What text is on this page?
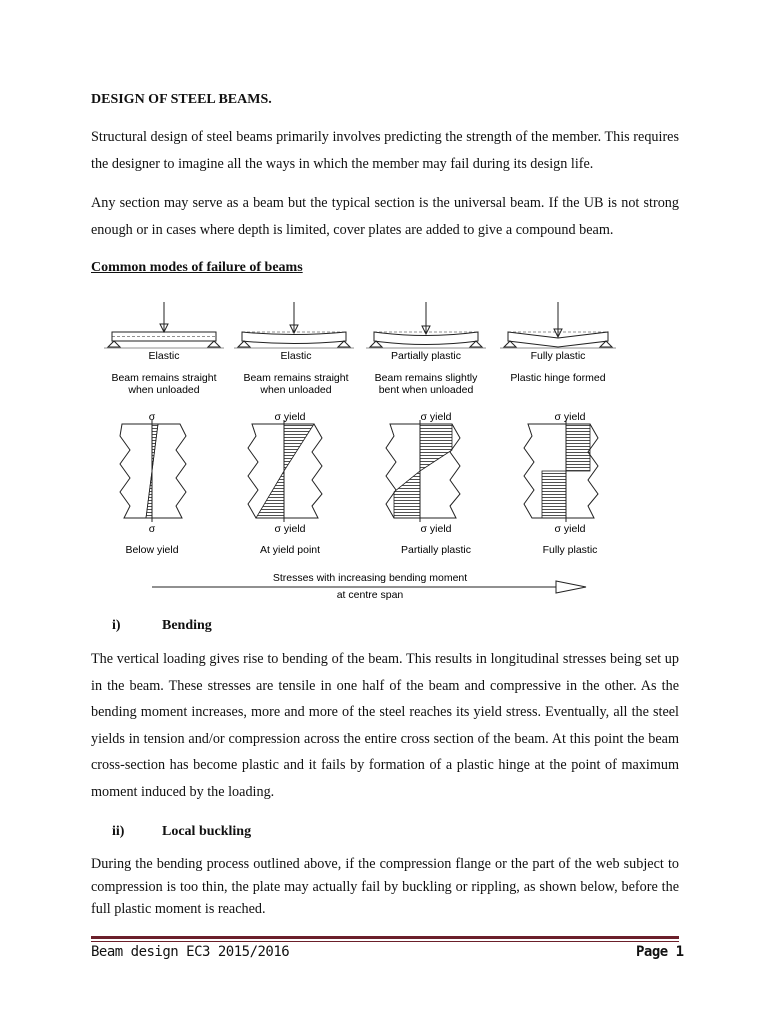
DESIGN OF STEEL BEAMS.
Structural design of steel beams primarily involves predicting the strength of the member. This requires the designer to imagine all the ways in which the member may fail during its design life.
Any section may serve as a beam but the typical section is the universal beam. If the UB is not strong enough or in cases where depth is limited, cover plates are added to give a compound beam.
Common modes of failure of beams
Elastic
Beam remains straight
when unloaded
Elastic
Beam remains straight
when unloaded
Partially plastic
Beam remains slightly
bent when unloaded
Fully plastic
Plastic hinge formed
σ
σ
Below yield
σ yield
σ yield
At yield point
σ yield
σ yield
Partially plastic
σ yield
σ yield
Fully plastic
Stresses with increasing bending moment
at centre span
i)	Bending
The vertical loading gives rise to bending of the beam. This results in longitudinal stresses being set up in the beam. These stresses are tensile in one half of the beam and compressive in the other. As the bending moment increases, more and more of the steel reaches its yield stress. Eventually, all the steel yields in tension and/or compression across the entire cross section of the beam. At this point the beam cross-section has become plastic and it fails by formation of a plastic hinge at the point of maximum moment induced by the loading.
ii)	Local buckling
During the bending process outlined above, if the compression flange or the part of the web subject to compression is too thin, the plate may actually fail by buckling or rippling, as shown below, before the full plastic moment is reached.
Beam design EC3 2015/2016	Page 1
